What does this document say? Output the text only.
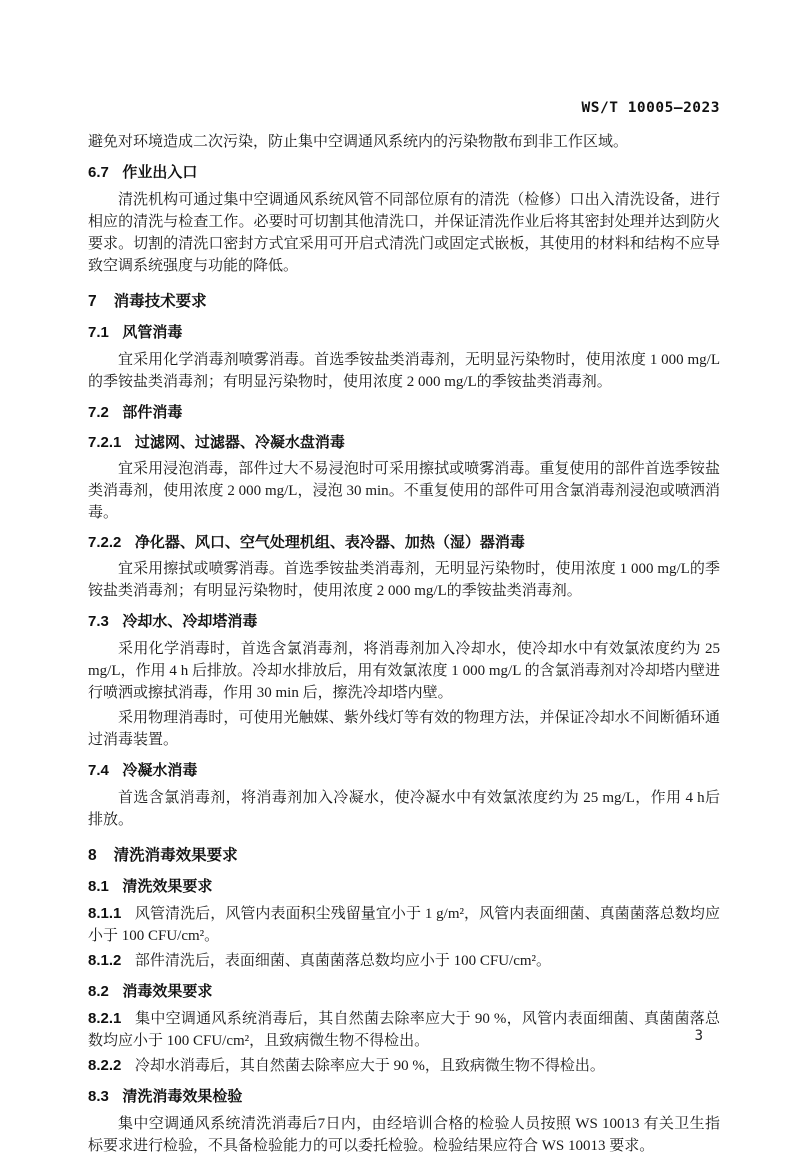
WS/T 10005—2023

避免对环境造成二次污染，防止集中空调通风系统内的污染物散布到非工作区域。

6.7 作业出入口

清洗机构可通过集中空调通风系统风管不同部位原有的清洗（检修）口出入清洗设备，进行相应的清洗与检查工作。必要时可切割其他清洗口，并保证清洗作业后将其密封处理并达到防火要求。切割的清洗口密封方式宜采用可开启式清洗门或固定式嵌板，其使用的材料和结构不应导致空调系统强度与功能的降低。

7 消毒技术要求
7.1 风管消毒

宜采用化学消毒剂喷雾消毒。首选季铵盐类消毒剂，无明显污染物时，使用浓度 1 000 mg/L的季铵盐类消毒剂；有明显污染物时，使用浓度 2 000 mg/L的季铵盐类消毒剂。

7.2 部件消毒
7.2.1 过滤网、过滤器、冷凝水盘消毒

宜采用浸泡消毒，部件过大不易浸泡时可采用擦拭或喷雾消毒。重复使用的部件首选季铵盐类消毒剂，使用浓度 2 000 mg/L，浸泡 30 min。不重复使用的部件可用含氯消毒剂浸泡或喷洒消毒。

7.2.2 净化器、风口、空气处理机组、表冷器、加热（湿）器消毒

宜采用擦拭或喷雾消毒。首选季铵盐类消毒剂，无明显污染物时，使用浓度 1 000 mg/L的季铵盐类消毒剂；有明显污染物时，使用浓度 2 000 mg/L的季铵盐类消毒剂。

7.3 冷却水、冷却塔消毒

采用化学消毒时，首选含氯消毒剂，将消毒剂加入冷却水，使冷却水中有效氯浓度约为 25 mg/L，作用 4 h 后排放。冷却水排放后，用有效氯浓度 1 000 mg/L 的含氯消毒剂对冷却塔内壁进行喷洒或擦拭消毒，作用 30 min 后，擦洗冷却塔内壁。

采用物理消毒时，可使用光触媒、紫外线灯等有效的物理方法，并保证冷却水不间断循环通过消毒装置。

7.4 冷凝水消毒

首选含氯消毒剂，将消毒剂加入冷凝水，使冷凝水中有效氯浓度约为 25 mg/L，作用 4 h后排放。

8 清洗消毒效果要求
8.1 清洗效果要求

8.1.1 风管清洗后，风管内表面积尘残留量宜小于 1 g/m²，风管内表面细菌、真菌菌落总数均应小于 100 CFU/cm²。

8.1.2 部件清洗后，表面细菌、真菌菌落总数均应小于 100 CFU/cm²。

8.2 消毒效果要求

8.2.1 集中空调通风系统消毒后，其自然菌去除率应大于 90 %，风管内表面细菌、真菌菌落总数均应小于 100 CFU/cm²，且致病微生物不得检出。

8.2.2 冷却水消毒后，其自然菌去除率应大于 90 %，且致病微生物不得检出。

8.3 清洗消毒效果检验

集中空调通风系统清洗消毒后7日内，由经培训合格的检验人员按照 WS 10013 有关卫生指标要求进行检验，不具备检验能力的可以委托检验。检验结果应符合 WS 10013 要求。

3
